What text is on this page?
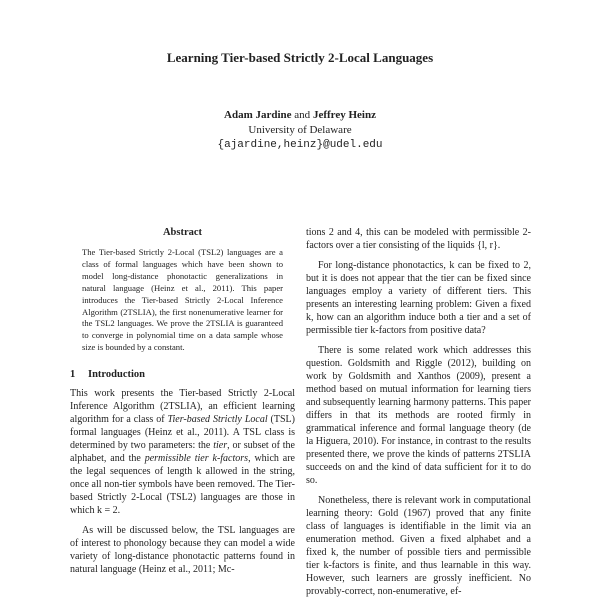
Learning Tier-based Strictly 2-Local Languages
Adam Jardine and Jeffrey Heinz
University of Delaware
{ajardine,heinz}@udel.edu
Abstract
The Tier-based Strictly 2-Local (TSL2) languages are a class of formal languages which have been shown to model long-distance phonotactic generalizations in natural language (Heinz et al., 2011). This paper introduces the Tier-based Strictly 2-Local Inference Algorithm (2TSLIA), the first nonenumerative learner for the TSL2 languages. We prove the 2TSLIA is guaranteed to converge in polynomial time on a data sample whose size is bounded by a constant.
1 Introduction

This work presents the Tier-based Strictly 2-Local Inference Algorithm (2TSLIA), an efficient learning algorithm for a class of Tier-based Strictly Local (TSL) formal languages (Heinz et al., 2011). A TSL class is determined by two parameters: the tier, or subset of the alphabet, and the permissible tier k-factors, which are the legal sequences of length k allowed in the string, once all non-tier symbols have been removed. The Tier-based Strictly 2-Local (TSL2) languages are those in which k = 2.

As will be discussed below, the TSL languages are of interest to phonology because they can model a wide variety of long-distance phonotactic patterns found in natural language (Heinz et al., 2011; Mc-

tions 2 and 4, this can be modeled with permissible 2-factors over a tier consisting of the liquids {l, r}.

For long-distance phonotactics, k can be fixed to 2, but it is does not appear that the tier can be fixed since languages employ a variety of different tiers. This presents an interesting learning problem: Given a fixed k, how can an algorithm induce both a tier and a set of permissible tier k-factors from positive data?

There is some related work which addresses this question. Goldsmith and Riggle (2012), building on work by Goldsmith and Xanthos (2009), present a method based on mutual information for learning tiers and subsequently learning harmony patterns. This paper differs in that its methods are rooted firmly in grammatical inference and formal language theory (de la Higuera, 2010). For instance, in contrast to the results presented there, we prove the kinds of patterns 2TSLIA succeeds on and the kind of data sufficient for it to do so.

Nonetheless, there is relevant work in computational learning theory: Gold (1967) proved that any finite class of languages is identifiable in the limit via an enumeration method. Given a fixed alphabet and a fixed k, the number of possible tiers and permissible tier k-factors is finite, and thus learnable in this way. However, such learners are grossly inefficient. No provably-correct, non-enumerative, ef-
